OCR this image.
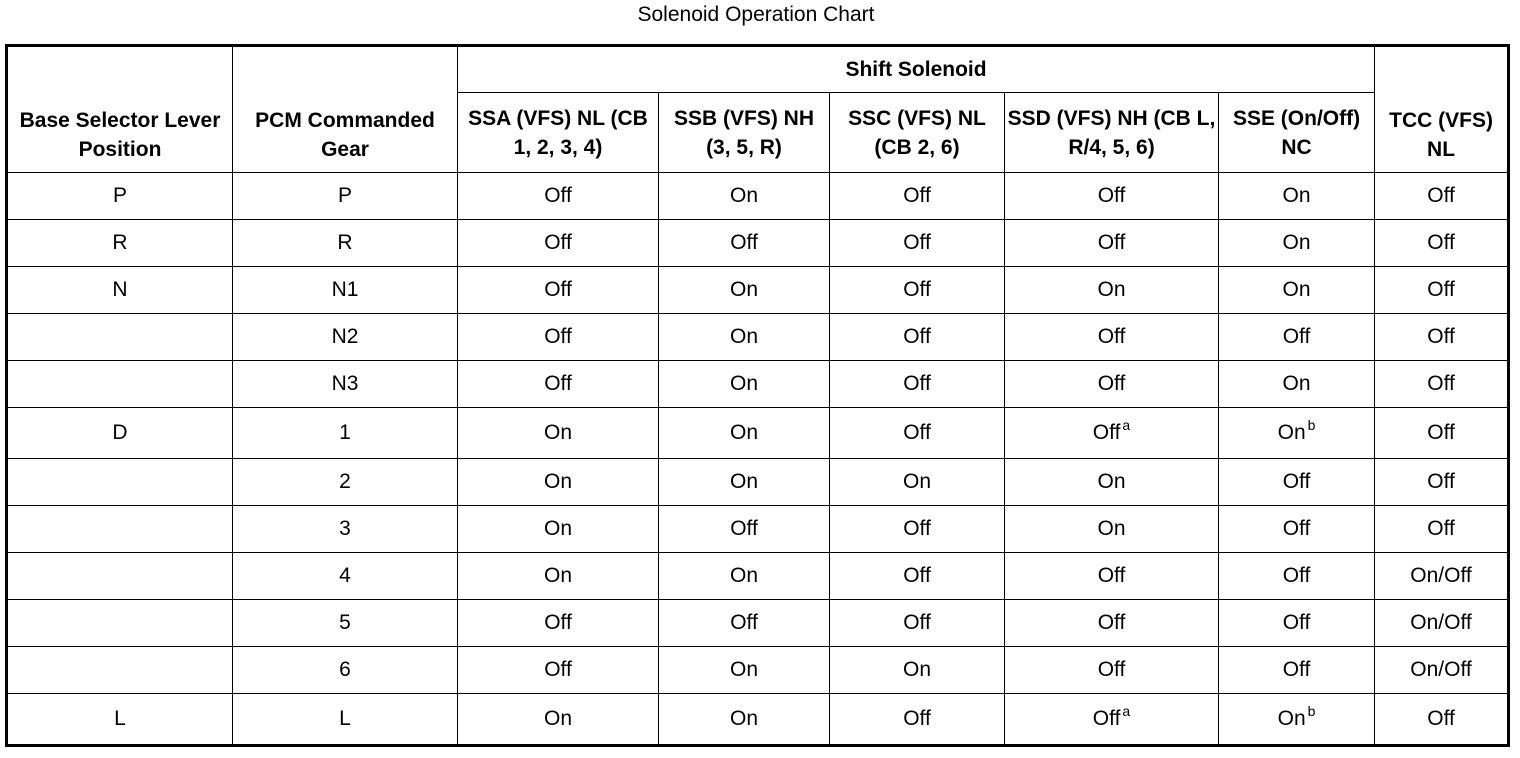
Solenoid Operation Chart
Base Selector Lever Position	PCM Commanded Gear	Shift Solenoid					TCC (VFS) NL
		SSA (VFS) NL (CB 1, 2, 3, 4)	SSB (VFS) NH (3, 5, R)	SSC (VFS) NL (CB 2, 6)	SSD (VFS) NH (CB L, R/4, 5, 6)	SSE (On/Off) NC	
P	P	Off	On	Off	Off	On	Off
R	R	Off	Off	Off	Off	On	Off
N	N1	Off	On	Off	On	On	Off
	N2	Off	On	Off	Off	Off	Off
	N3	Off	On	Off	Off	On	Off
D	1	On	On	Off	Off $^a$	On $^b$	Off
	2	On	On	On	On	Off	Off
	3	On	Off	Off	On	Off	Off
	4	On	On	Off	Off	Off	On/Off
	5	Off	Off	Off	Off	Off	On/Off
	6	Off	On	On	Off	Off	On/Off
L	L	On	On	Off	Off $^a$	On $^b$	Off
